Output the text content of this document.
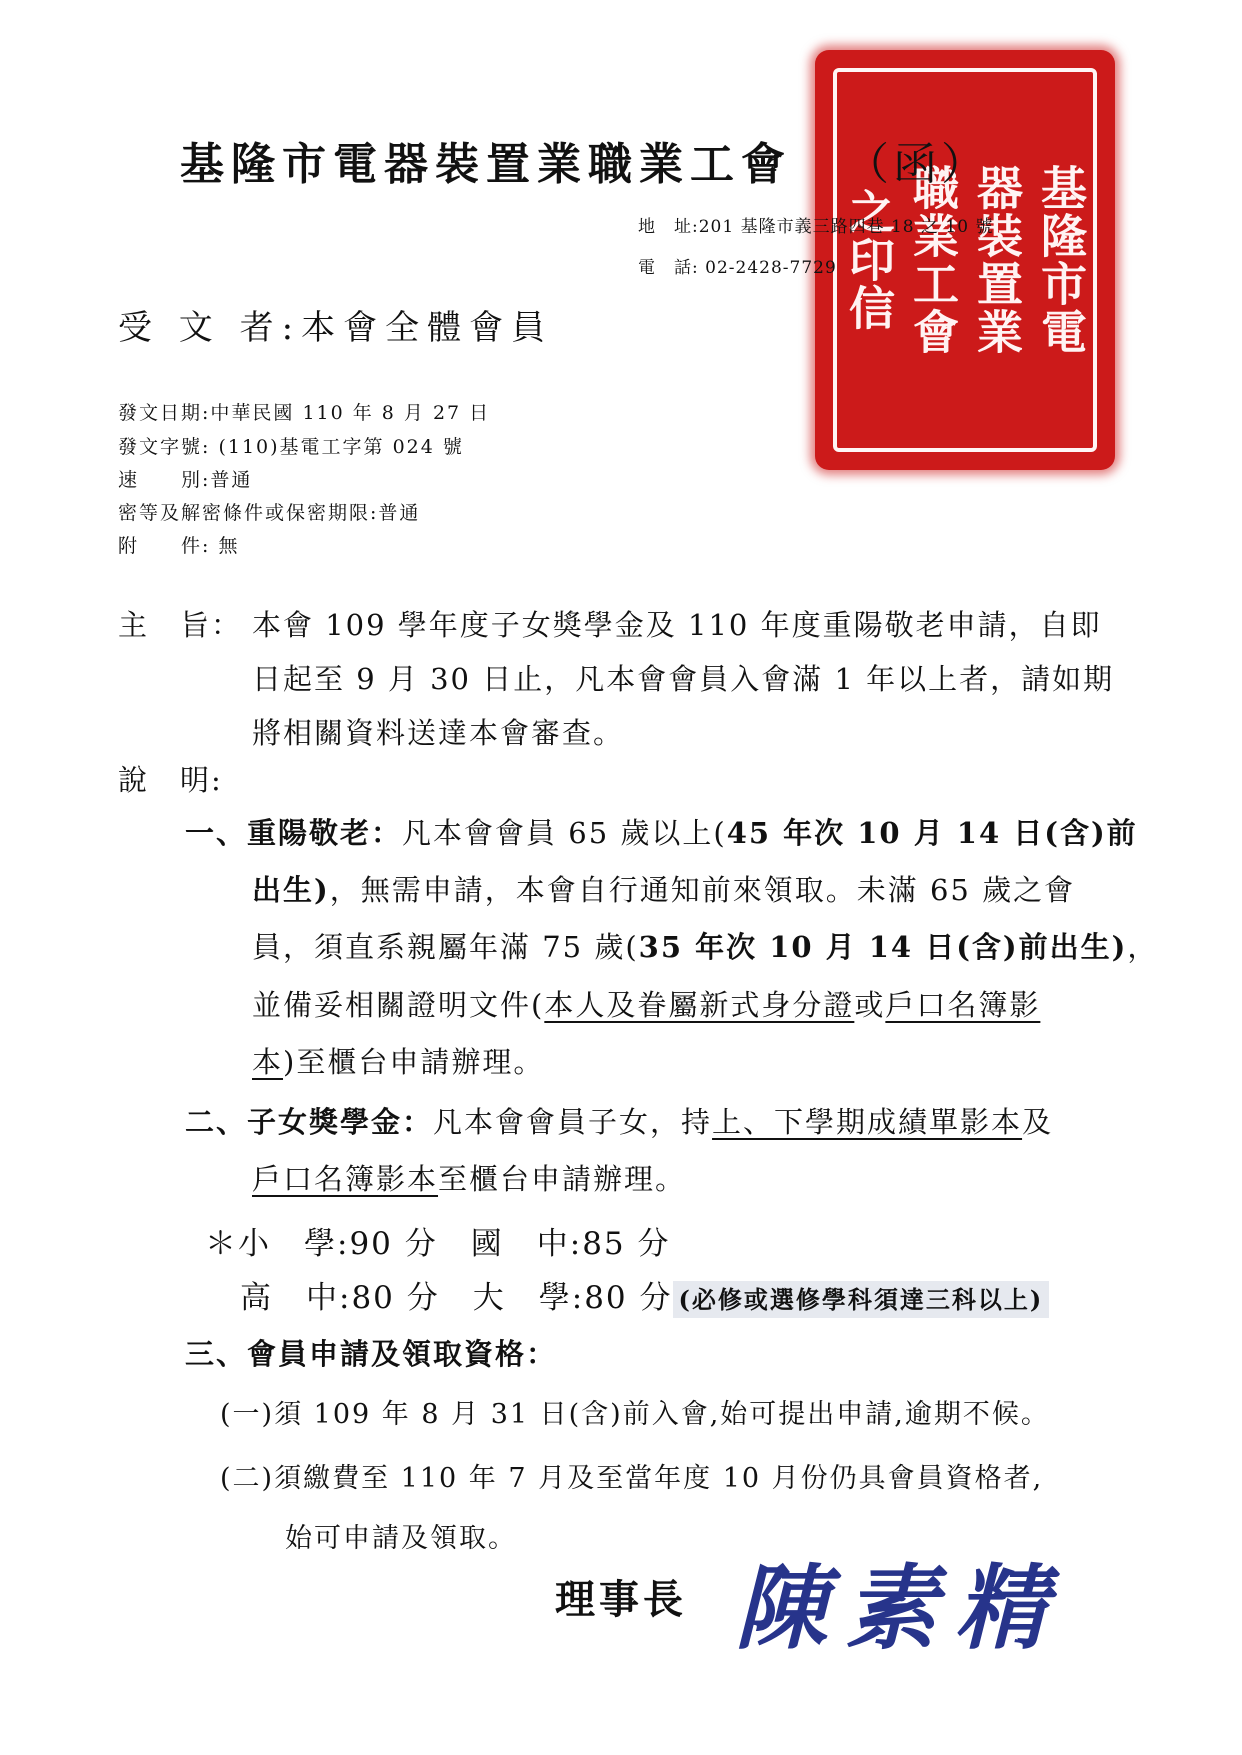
基隆市電
器裝置業
職業工會
之印信
基隆市電器裝置業職業工會 （函）
地　址:201 基隆市義三路四巷 18 之 10 號
電　話: 02-2428-7729
受 文 者:本會全體會員
發文日期:中華民國 110 年 8 月 27 日
發文字號: (110)基電工字第 024 號
速　　別:普通
密等及解密條件或保密期限:普通
附　　件: 無
主　旨： 本會 109 學年度子女獎學金及 110 年度重陽敬老申請，自即
日起至 9 月 30 日止，凡本會會員入會滿 1 年以上者，請如期
將相關資料送達本會審查。
說　明:
一、重陽敬老：凡本會會員 65 歲以上(45 年次 10 月 14 日(含)前
出生)，無需申請，本會自行通知前來領取。未滿 65 歲之會
員，須直系親屬年滿 75 歲(35 年次 10 月 14 日(含)前出生)，
並備妥相關證明文件(本人及眷屬新式身分證或戶口名簿影
本)至櫃台申請辦理。
二、子女獎學金：凡本會會員子女，持上、下學期成績單影本及
戶口名簿影本至櫃台申請辦理。
＊小　學:90 分　國　中:85 分
高　中:80 分　大　學:80 分 (必修或選修學科須達三科以上)
三、會員申請及領取資格：
(一)須 109 年 8 月 31 日(含)前入會,始可提出申請,逾期不候。
(二)須繳費至 110 年 7 月及至當年度 10 月份仍具會員資格者,
始可申請及領取。
理事長 陳素精
